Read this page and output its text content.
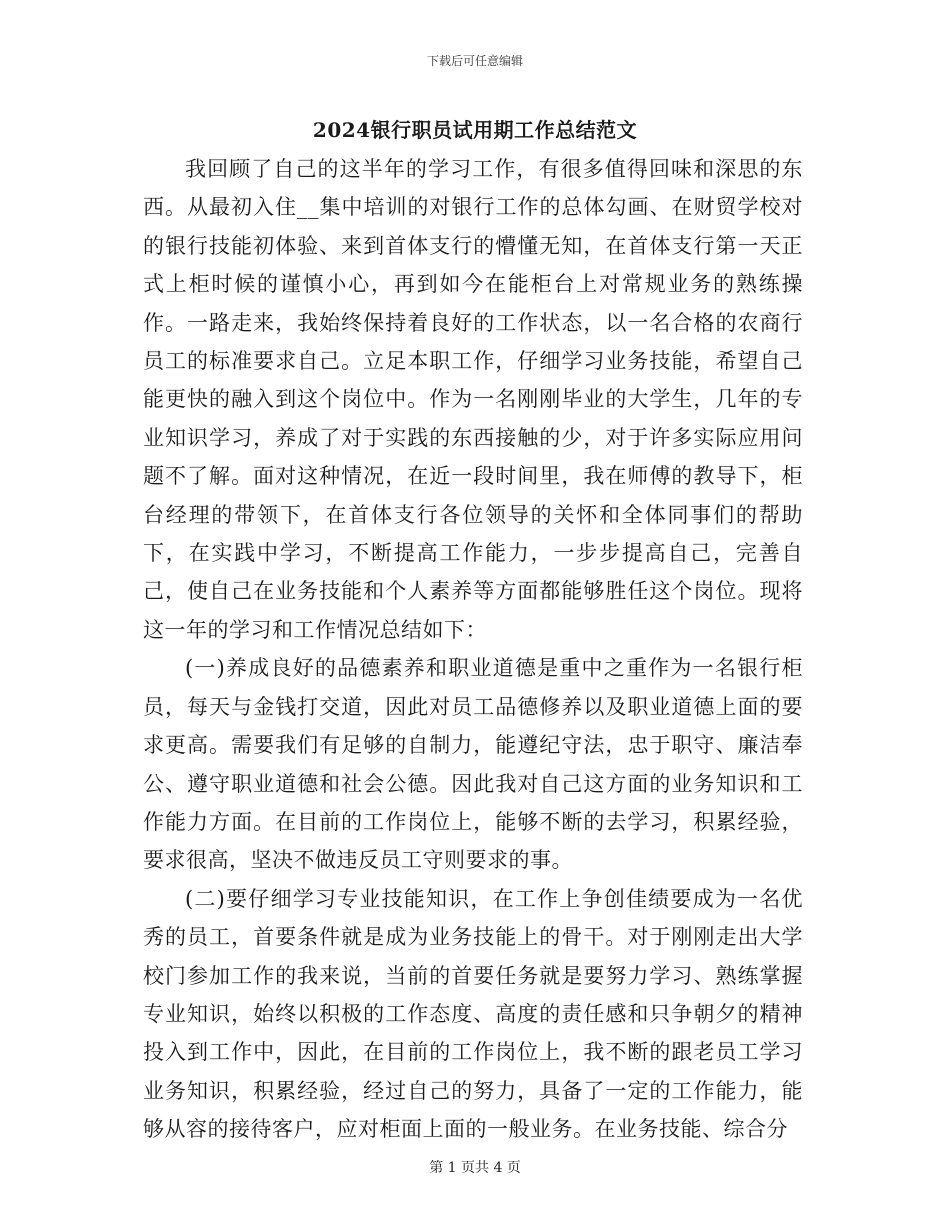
下载后可任意编辑
2024银行职员试用期工作总结范文

我回顾了自己的这半年的学习工作，有很多值得回味和深思的东西。从最初入住__集中培训的对银行工作的总体勾画、在财贸学校对的银行技能初体验、来到首体支行的懵懂无知，在首体支行第一天正式上柜时候的谨慎小心，再到如今在能柜台上对常规业务的熟练操作。一路走来，我始终保持着良好的工作状态，以一名合格的农商行员工的标准要求自己。立足本职工作，仔细学习业务技能，希望自己能更快的融入到这个岗位中。作为一名刚刚毕业的大学生，几年的专业知识学习，养成了对于实践的东西接触的少，对于许多实际应用问题不了解。面对这种情况，在近一段时间里，我在师傅的教导下，柜台经理的带领下，在首体支行各位领导的关怀和全体同事们的帮助下，在实践中学习，不断提高工作能力，一步步提高自己，完善自己，使自己在业务技能和个人素养等方面都能够胜任这个岗位。现将这一年的学习和工作情况总结如下：

(一)养成良好的品德素养和职业道德是重中之重作为一名银行柜员，每天与金钱打交道，因此对员工品德修养以及职业道德上面的要求更高。需要我们有足够的自制力，能遵纪守法，忠于职守、廉洁奉公、遵守职业道德和社会公德。因此我对自己这方面的业务知识和工作能力方面。在目前的工作岗位上，能够不断的去学习，积累经验，要求很高，坚决不做违反员工守则要求的事。

(二)要仔细学习专业技能知识，在工作上争创佳绩要成为一名优秀的员工，首要条件就是成为业务技能上的骨干。对于刚刚走出大学校门参加工作的我来说，当前的首要任务就是要努力学习、熟练掌握专业知识，始终以积极的工作态度、高度的责任感和只争朝夕的精神投入到工作中，因此，在目前的工作岗位上，我不断的跟老员工学习业务知识，积累经验，经过自己的努力，具备了一定的工作能力，能够从容的接待客户，应对柜面上面的一般业务。在业务技能、综合分

第 1 页共 4 页
